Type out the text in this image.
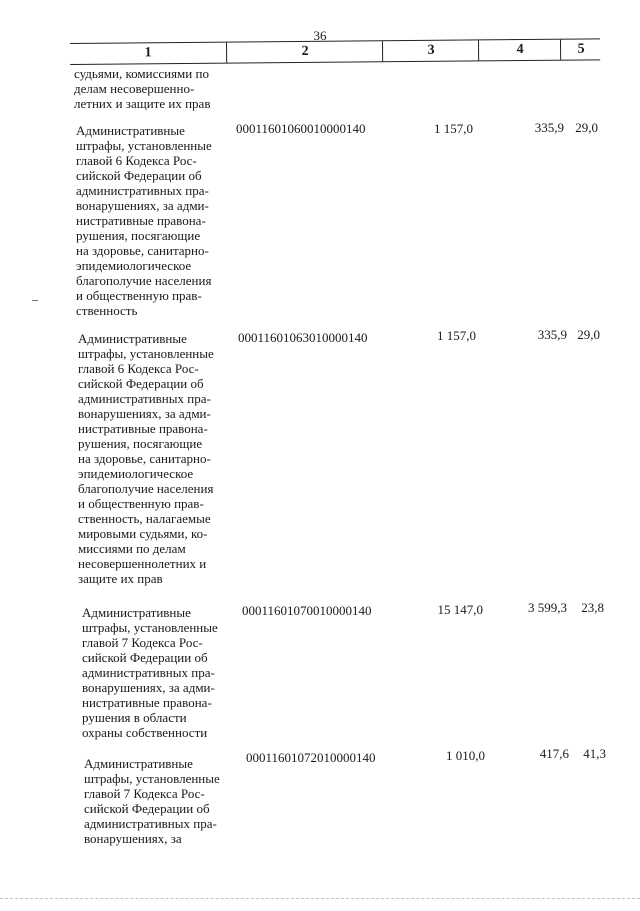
36
1	2	3	4	5
судьями, комиссиями по
делам несовершенно-
летних и защите их прав
Административные
штрафы, установленные
главой 6 Кодекса Рос-
сийской Федерации об
административных пра-
вонарушениях, за адми-
нистративные правона-
рушения, посягающие
на здоровье, санитарно-
эпидемиологическое
благополучие населения
и общественную прав-
ственность
00011601060010000140	1 157,0	335,9 29,0
Административные
штрафы, установленные
главой 6 Кодекса Рос-
сийской Федерации об
административных пра-
вонарушениях, за адми-
нистративные правона-
рушения, посягающие
на здоровье, санитарно-
эпидемиологическое
благополучие населения
и общественную прав-
ственность, налагаемые
мировыми судьями, ко-
миссиями по делам
несовершеннолетних и
защите их прав
00011601063010000140	1 157,0	335,9 29,0
Административные
штрафы, установленные
главой 7 Кодекса Рос-
сийской Федерации об
административных пра-
вонарушениях, за адми-
нистративные правона-
рушения в области
охраны собственности
00011601070010000140	15 147,0	3 599,3	23,8
Административные
штрафы, установленные
главой 7 Кодекса Рос-
сийской Федерации об
административных пра-
вонарушениях, за
00011601072010000140	1 010,0	417,6	41,3
